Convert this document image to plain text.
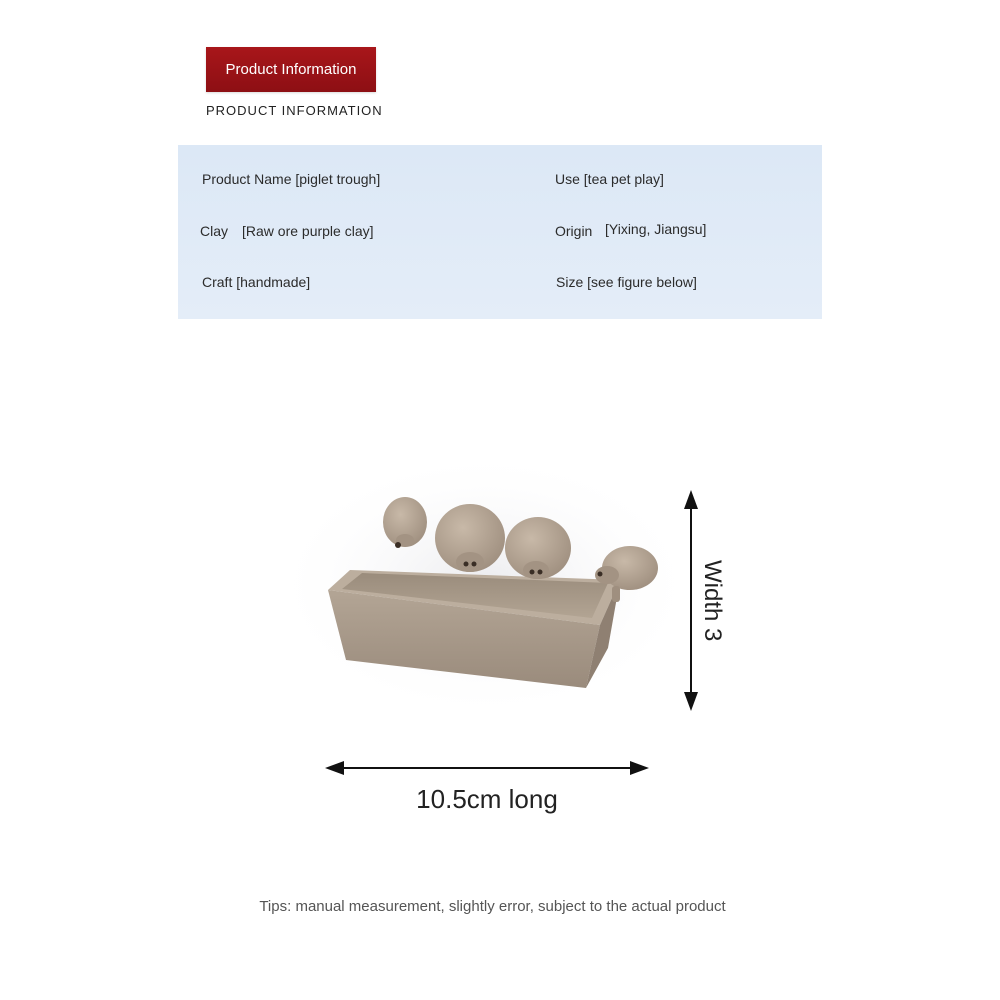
Product Information
PRODUCT INFORMATION
Product Name [piglet trough]	Use [tea pet play]
Clay [Raw ore purple clay]	Origin [Yixing, Jiangsu]
Craft [handmade]	Size [see figure below]
10.5cm long
Width 3
Tips: manual measurement, slightly error, subject to the actual product
